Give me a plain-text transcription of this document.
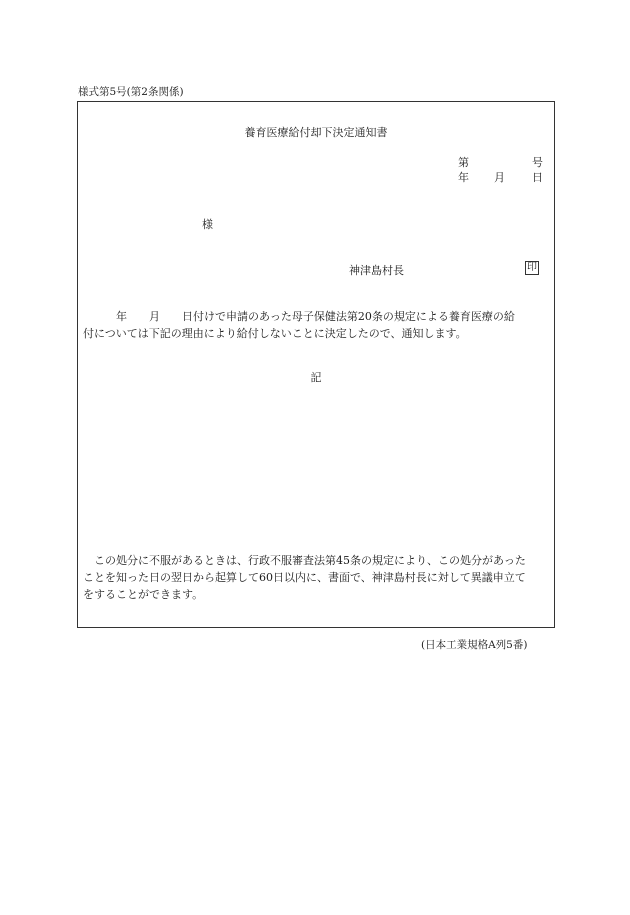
様式第5号(第2条関係)
養育医療給付却下決定通知書
第	号
年 月 日
様
神津島村長	印
　　　年　　月　　日付けで申請のあった母子保健法第20条の規定による養育医療の給
付については下記の理由により給付しないことに決定したので、通知します。
記
　この処分に不服があるときは、行政不服審査法第45条の規定により、この処分があった
ことを知った日の翌日から起算して60日以内に、書面で、神津島村長に対して異議申立て
をすることができます。
(日本工業規格A列5番)
